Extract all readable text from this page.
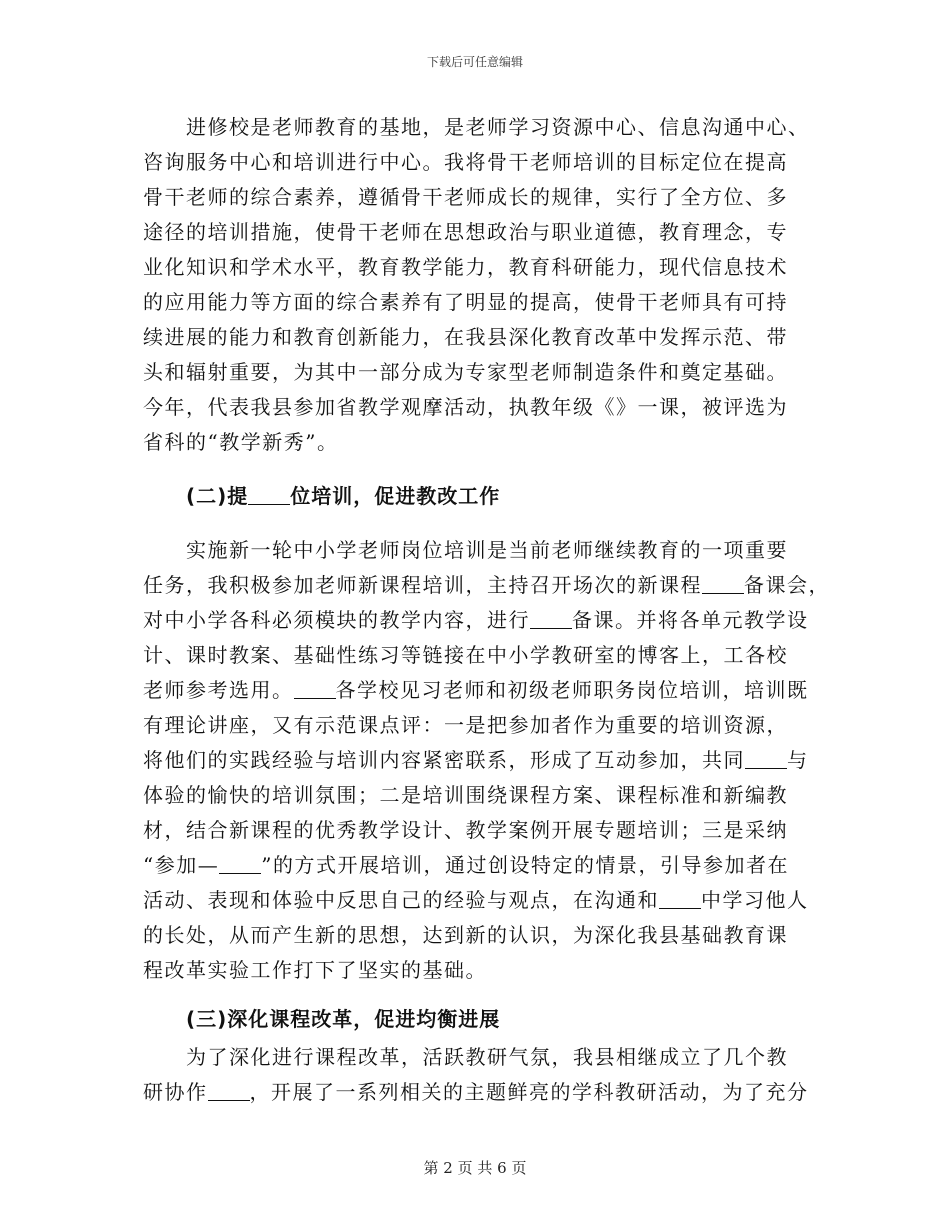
下载后可任意编辑
进修校是老师教育的基地，是老师学习资源中心、信息沟通中心、
咨询服务中心和培训进行中心。我将骨干老师培训的目标定位在提高
骨干老师的综合素养，遵循骨干老师成长的规律，实行了全方位、多
途径的培训措施，使骨干老师在思想政治与职业道德，教育理念，专
业化知识和学术水平，教育教学能力，教育科研能力，现代信息技术
的应用能力等方面的综合素养有了明显的提高，使骨干老师具有可持
续进展的能力和教育创新能力，在我县深化教育改革中发挥示范、带
头和辐射重要，为其中一部分成为专家型老师制造条件和奠定基础。
今年，代表我县参加省教学观摩活动，执教年级《》一课，被评选为
省科的“教学新秀”。
(二)提 位培训，促进教改工作
实施新一轮中小学老师岗位培训是当前老师继续教育的一项重要
任务，我积极参加老师新课程培训，主持召开场次的新课程 备课会，
对中小学各科必须模块的教学内容，进行 备课。并将各单元教学设
计、课时教案、基础性练习等链接在中小学教研室的博客上，工各校
老师参考选用。 各学校见习老师和初级老师职务岗位培训，培训既
有理论讲座，又有示范课点评：一是把参加者作为重要的培训资源，
将他们的实践经验与培训内容紧密联系，形成了互动参加，共同 与
体验的愉快的培训氛围；二是培训围绕课程方案、课程标准和新编教
材，结合新课程的优秀教学设计、教学案例开展专题培训；三是采纳
“参加— ”的方式开展培训，通过创设特定的情景，引导参加者在
活动、表现和体验中反思自己的经验与观点，在沟通和 中学习他人
的长处，从而产生新的思想，达到新的认识，为深化我县基础教育课
程改革实验工作打下了坚实的基础。
(三)深化课程改革，促进均衡进展
为了深化进行课程改革，活跃教研气氛，我县相继成立了几个教
研协作 ，开展了一系列相关的主题鲜亮的学科教研活动，为了充分
第 2 页 共 6 页
